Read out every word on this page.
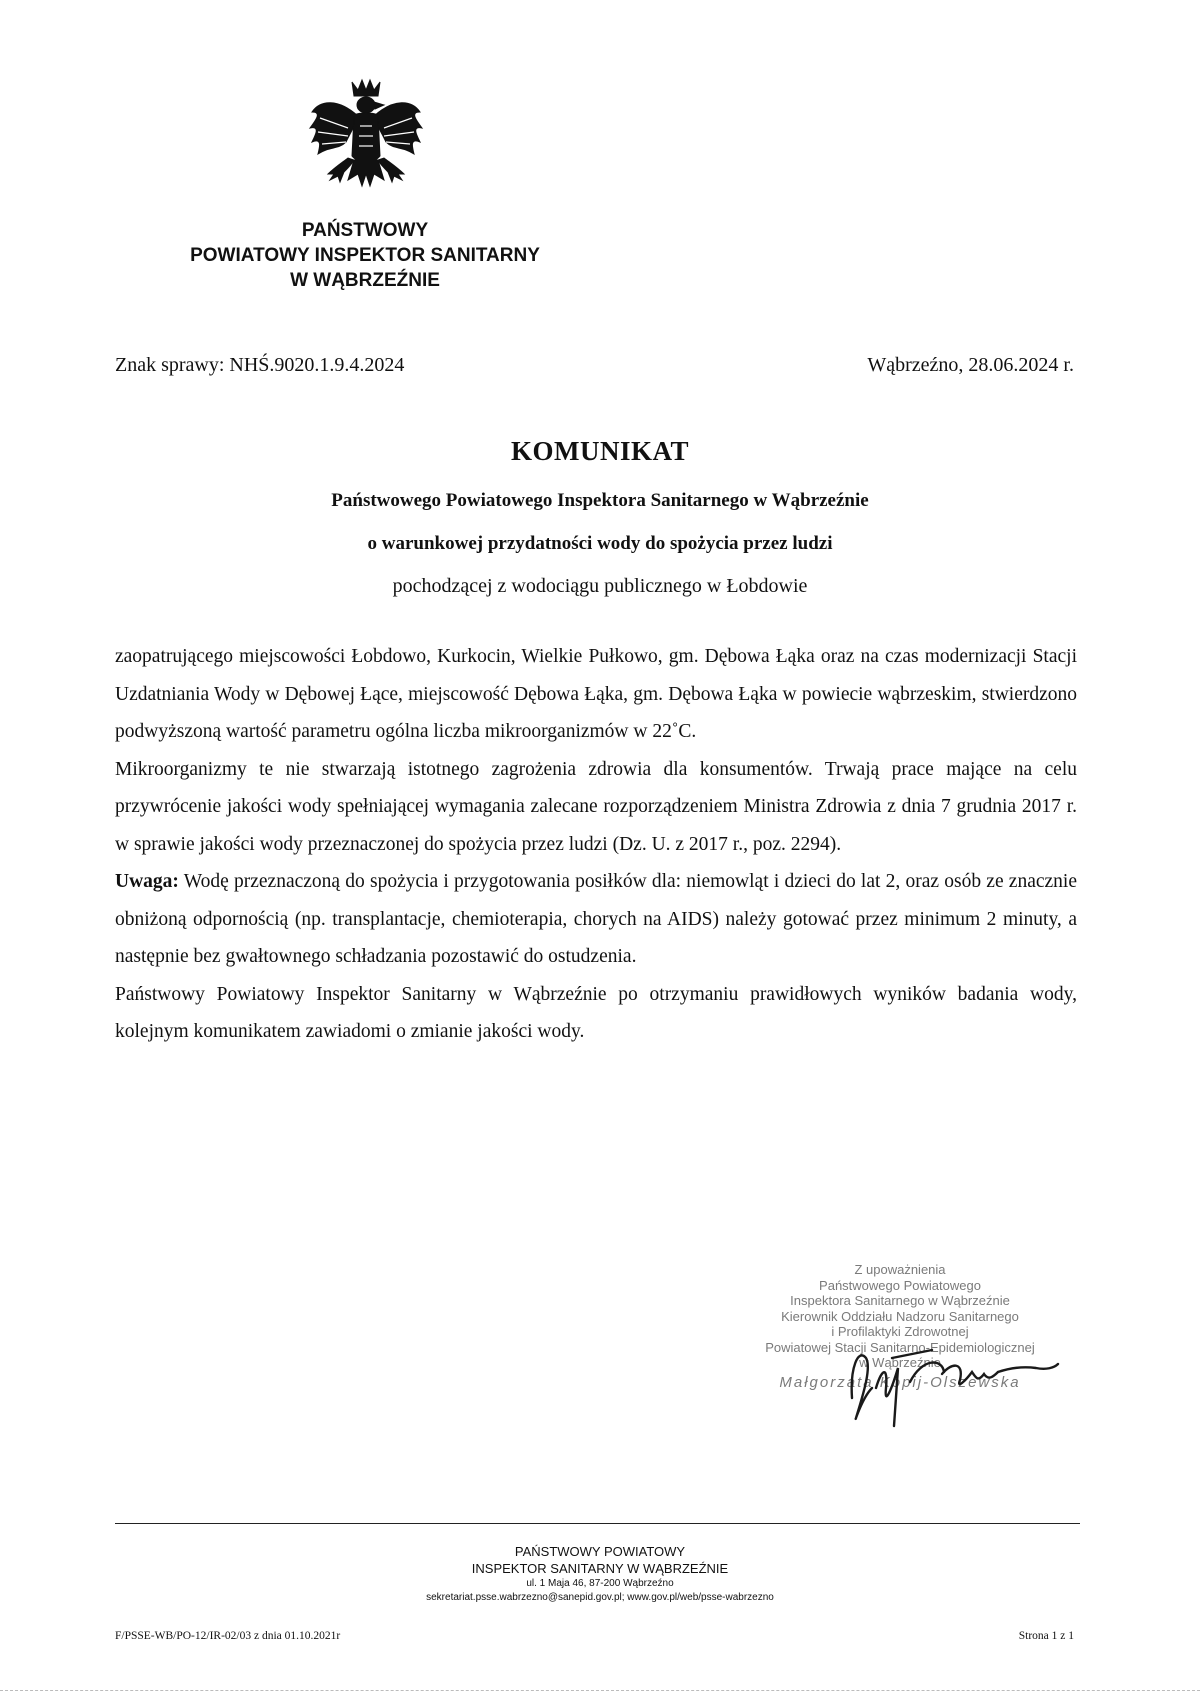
PAŃSTWOWY
POWIATOWY INSPEKTOR SANITARNY
W WĄBRZEŹNIE
Znak sprawy: NHŚ.9020.1.9.4.2024	Wąbrzeźno, 28.06.2024 r.
KOMUNIKAT
Państwowego Powiatowego Inspektora Sanitarnego w Wąbrzeźnie
o warunkowej przydatności wody do spożycia przez ludzi
pochodzącej z wodociągu publicznego w Łobdowie

zaopatrującego miejscowości Łobdowo, Kurkocin, Wielkie Pułkowo, gm. Dębowa Łąka oraz na czas modernizacji Stacji Uzdatniania Wody w Dębowej Łące, miejscowość Dębowa Łąka, gm. Dębowa Łąka w powiecie wąbrzeskim, stwierdzono podwyższoną wartość parametru ogólna liczba mikroorganizmów w 22˚C.

Mikroorganizmy te nie stwarzają istotnego zagrożenia zdrowia dla konsumentów. Trwają prace mające na celu przywrócenie jakości wody spełniającej wymagania zalecane rozporządzeniem Ministra Zdrowia z dnia 7 grudnia 2017 r. w sprawie jakości wody przeznaczonej do spożycia przez ludzi (Dz. U. z 2017 r., poz. 2294).

Uwaga: Wodę przeznaczoną do spożycia i przygotowania posiłków dla: niemowląt i dzieci do lat 2, oraz osób ze znacznie obniżoną odpornością (np. transplantacje, chemioterapia, chorych na AIDS) należy gotować przez minimum 2 minuty, a następnie bez gwałtownego schładzania pozostawić do ostudzenia.

Państwowy Powiatowy Inspektor Sanitarny w Wąbrzeźnie po otrzymaniu prawidłowych wyników badania wody, kolejnym komunikatem zawiadomi o zmianie jakości wody.

Z upoważnienia
Państwowego Powiatowego
Inspektora Sanitarnego w Wąbrzeźnie
Kierownik Oddziału Nadzoru Sanitarnego
i Profilaktyki Zdrowotnej
Powiatowej Stacji Sanitarno-Epidemiologicznej
w Wąbrzeźnie
Małgorzata Kopij-Olszewska
PAŃSTWOWY POWIATOWY
INSPEKTOR SANITARNY W WĄBRZEŹNIE
ul. 1 Maja 46, 87-200 Wąbrzeźno
sekretariat.psse.wabrzezno@sanepid.gov.pl; www.gov.pl/web/psse-wabrzezno
F/PSSE-WB/PO-12/IR-02/03 z dnia 01.10.2021r	Strona 1 z 1
